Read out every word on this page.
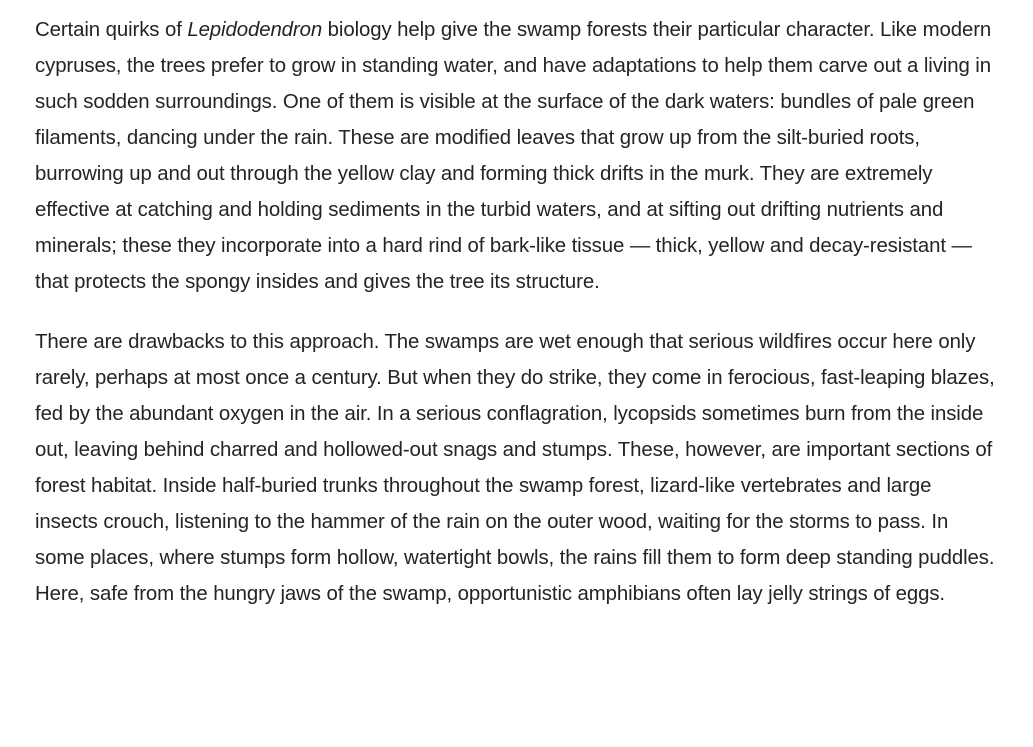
Certain quirks of Lepidodendron biology help give the swamp forests their particular character. Like modern cypruses, the trees prefer to grow in standing water, and have adaptations to help them carve out a living in such sodden surroundings. One of them is visible at the surface of the dark waters: bundles of pale green filaments, dancing under the rain. These are modified leaves that grow up from the silt-buried roots, burrowing up and out through the yellow clay and forming thick drifts in the murk. They are extremely effective at catching and holding sediments in the turbid waters, and at sifting out drifting nutrients and minerals; these they incorporate into a hard rind of bark-like tissue — thick, yellow and decay-resistant — that protects the spongy insides and gives the tree its structure.

There are drawbacks to this approach. The swamps are wet enough that serious wildfires occur here only rarely, perhaps at most once a century. But when they do strike, they come in ferocious, fast-leaping blazes, fed by the abundant oxygen in the air. In a serious conflagration, lycopsids sometimes burn from the inside out, leaving behind charred and hollowed-out snags and stumps. These, however, are important sections of forest habitat. Inside half-buried trunks throughout the swamp forest, lizard-like vertebrates and large insects crouch, listening to the hammer of the rain on the outer wood, waiting for the storms to pass. In some places, where stumps form hollow, watertight bowls, the rains fill them to form deep standing puddles. Here, safe from the hungry jaws of the swamp, opportunistic amphibians often lay jelly strings of eggs.
